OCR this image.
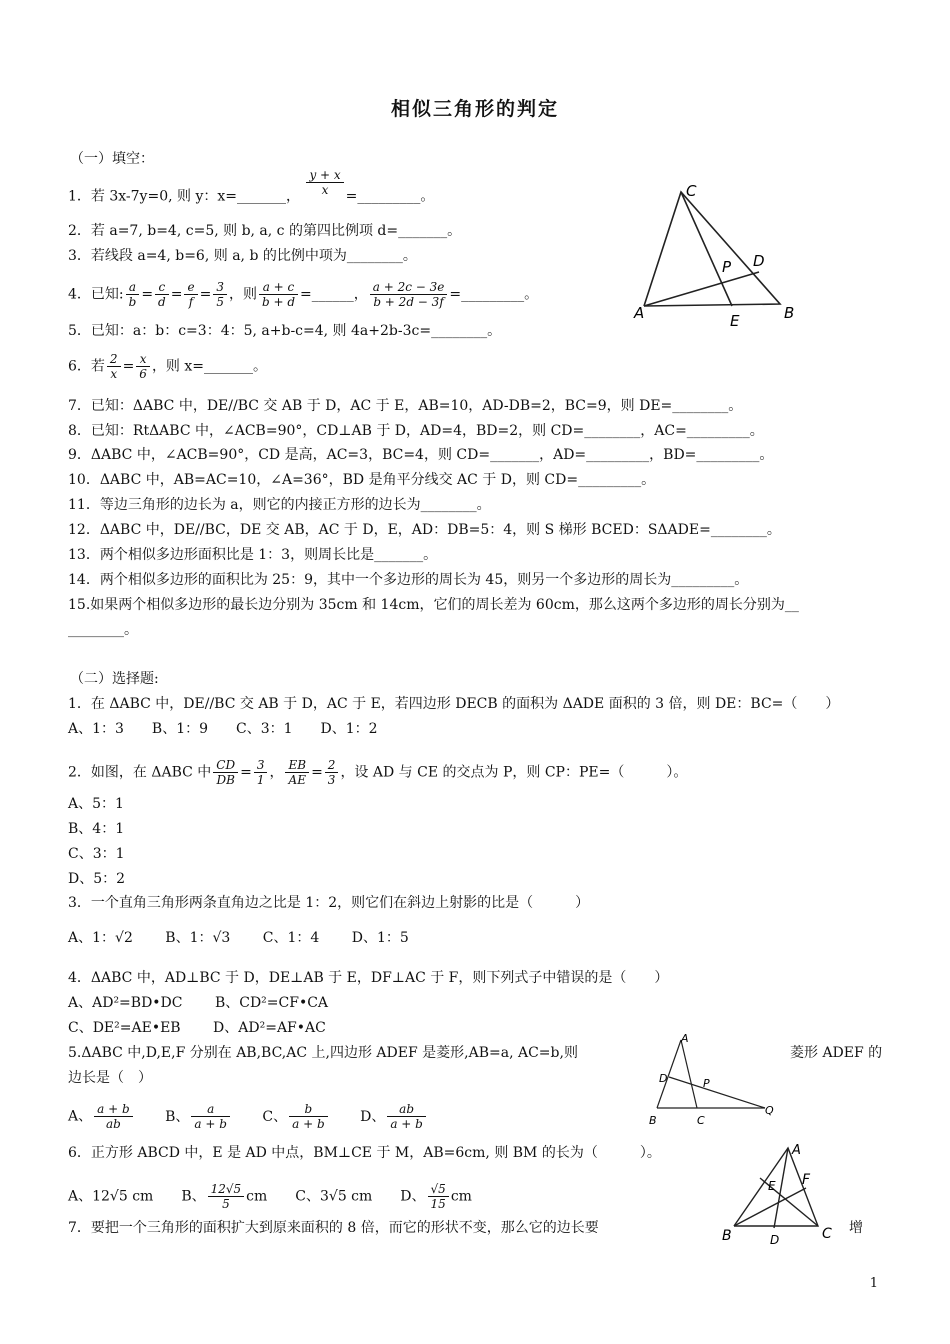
相似三角形的判定
（一）填空：
1．若 3x-7y=0, 则 y：x=_______， $\frac{y + x}{x}$ =_________。
2．若 a=7, b=4, c=5, 则 b, a, c 的第四比例项 d=_______。
3．若线段 a=4, b=6, 则 a, b 的比例中项为________。
4．已知: $\frac{a}{b} = \frac{c}{d} = \frac{e}{f} = \frac{3}{5}$ ，则 $\frac{a + c}{b + d}$ =______， $\frac{a + 2c - 3e}{b + 2d - 3f}$ =_________。
5．已知：a：b：c=3：4：5, a+b-c=4, 则 4a+2b-3c=________。
6．若 $\frac{2}{x} = \frac{x}{6}$ ，则 x=_______。
7．已知：ΔABC 中，DE//BC 交 AB 于 D，AC 于 E，AB=10，AD-DB=2，BC=9，则 DE=________。
8．已知：RtΔABC 中，∠ACB=90°，CD⊥AB 于 D，AD=4，BD=2，则 CD=________，AC=_________。
9．ΔABC 中，∠ACB=90°，CD 是高，AC=3，BC=4，则 CD=_______，AD=_________，BD=_________。
10．ΔABC 中，AB=AC=10，∠A=36°，BD 是角平分线交 AC 于 D，则 CD=_________。
11．等边三角形的边长为 a，则它的内接正方形的边长为________。
12．ΔABC 中，DE//BC，DE 交 AB，AC 于 D，E，AD：DB=5：4，则 S 梯形 BCED：SΔADE=________。
13．两个相似多边形面积比是 1：3，则周长比是_______。
14．两个相似多边形的面积比为 25：9，其中一个多边形的周长为 45，则另一个多边形的周长为_________。
15.如果两个相似多边形的最长边分别为 35cm 和 14cm，它们的周长差为 60cm，那么这两个多边形的周长分别为__
________。
（二）选择题:
1．在 ΔABC 中，DE//BC 交 AB 于 D，AC 于 E，若四边形 DECB 的面积为 ΔADE 面积的 3 倍，则 DE：BC=（　　）
A、1：3　　B、1：9　　C、3：1　　D、1：2
2．如图，在 ΔABC 中 $\frac{CD}{DB} = \frac{3}{1}$ ， $\frac{EB}{AE} = \frac{2}{3}$ ，设 AD 与 CE 的交点为 P，则 CP：PE=（　　　）。
A、5：1
B、4：1
C、3：1
D、5：2
3．一个直角三角形两条直角边之比是 1：2，则它们在斜边上射影的比是（　　　）
A、1：√2　　 B、1：√3　　 C、1：4　　 D、1：5
4．ΔABC 中，AD⊥BC 于 D，DE⊥AB 于 E，DF⊥AC 于 F，则下列式子中错误的是（　　）
A、AD²=BD•DC　　 B、CD²=CF•CA
C、DE²=AE•EB　　 D、AD²=AF•AC
5.ΔABC 中,D,E,F 分别在 AB,BC,AC 上,四边形 ADEF 是菱形,AB=a, AC=b,则	菱形 ADEF 的
边长是（　）
A、 $\frac{a + b}{ab}$ B、 $\frac{a}{a + b}$ C、 $\frac{b}{a + b}$ D、 $\frac{ab}{a + b}$
6．正方形 ABCD 中，E 是 AD 中点，BM⊥CE 于 M，AB=6cm, 则 BM 的长为（　　　）。
A、12√5 cm　　B、 $\frac{12√5}{5}$ cm　　C、3√5 cm　　D、 $\frac{√5}{15}$ cm
7．要把一个三角形的面积扩大到原来面积的 8 倍，而它的形状不变，那么它的边长要	增
1
C
D
P
A	E	B
A
D	P
B	C
Q
A
F
E
B	D	C
